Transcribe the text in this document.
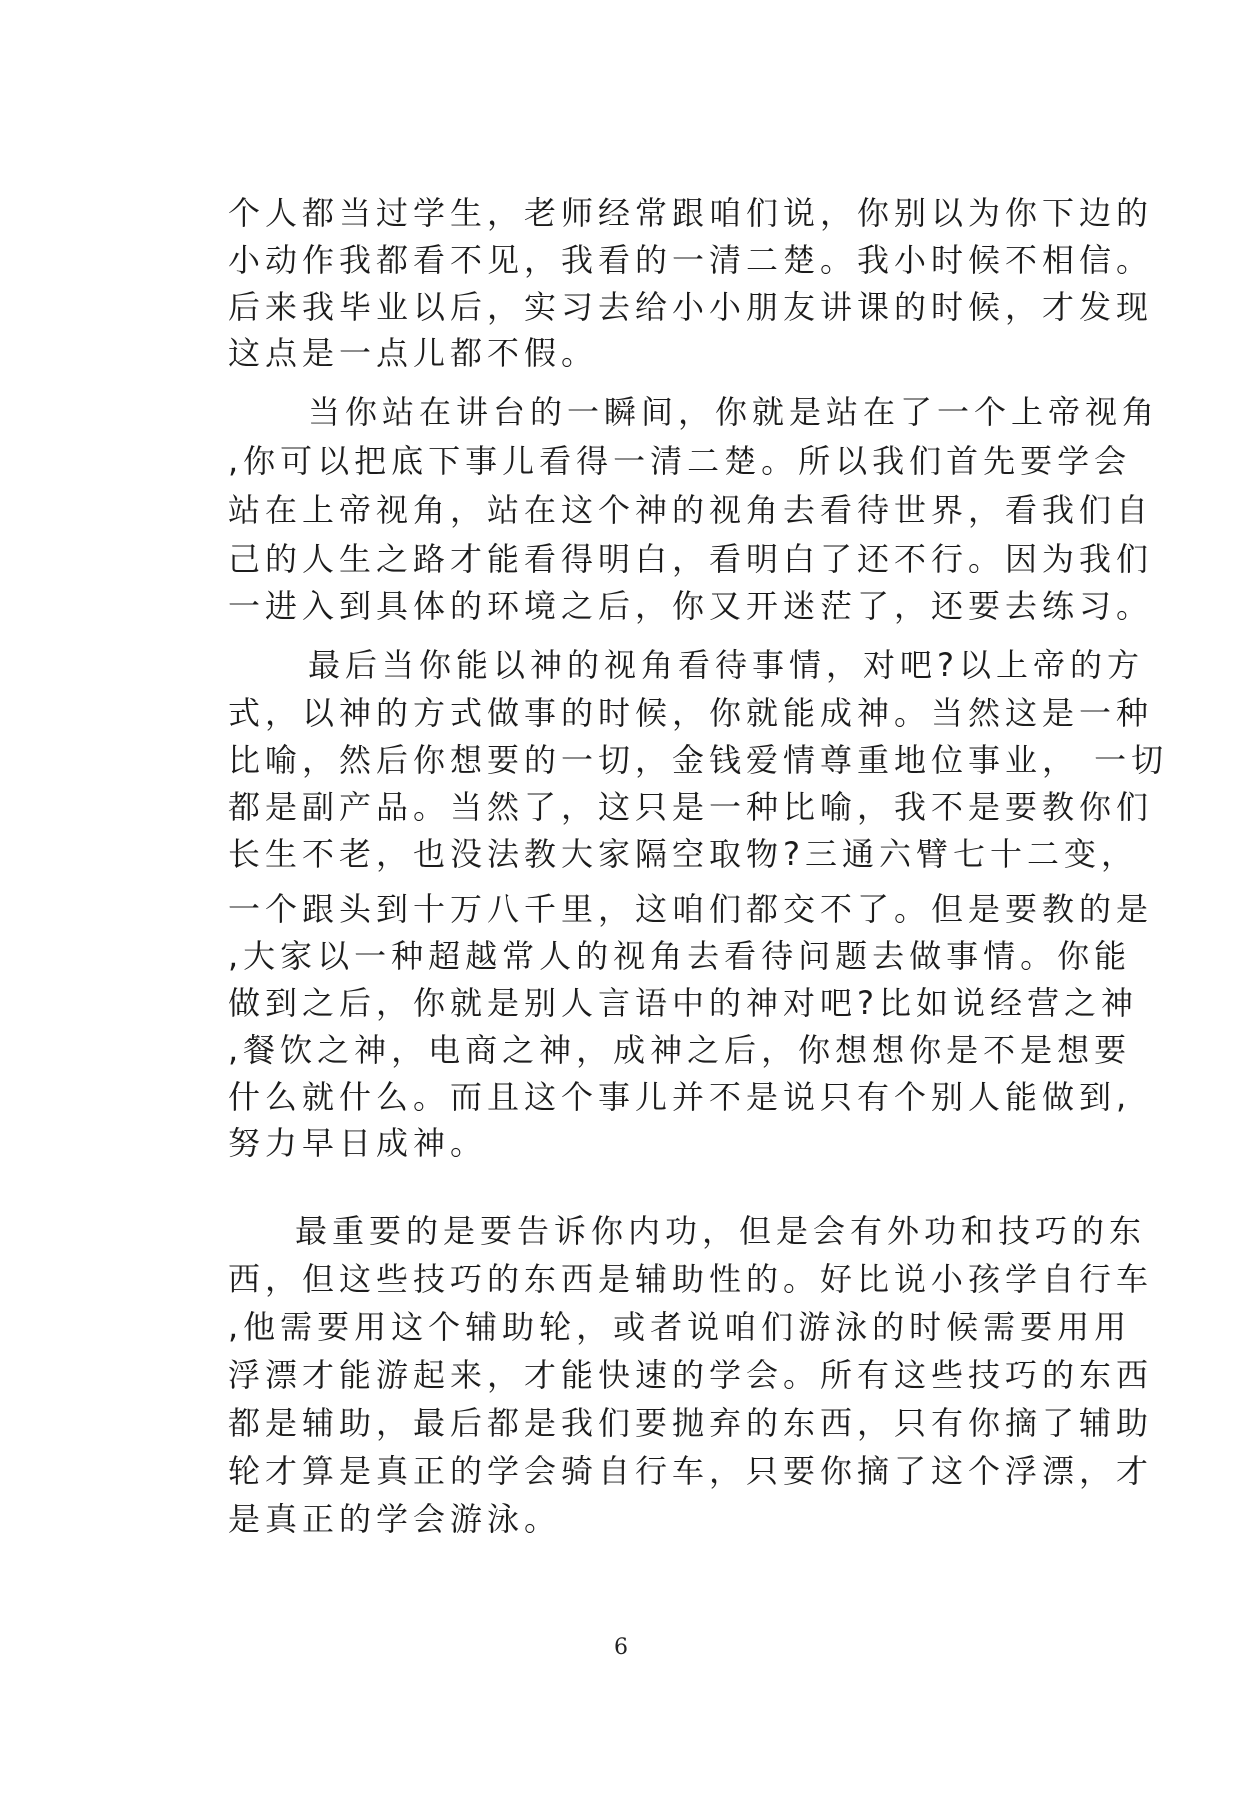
个人都当过学生，老师经常跟咱们说，你别以为你下边的
小动作我都看不见，我看的一清二楚。我小时候不相信。
后来我毕业以后，实习去给小小朋友讲课的时候，才发现
这点是一点儿都不假。
当你站在讲台的一瞬间，你就是站在了一个上帝视角
,你可以把底下事儿看得一清二楚。所以我们首先要学会
站在上帝视角，站在这个神的视角去看待世界，看我们自
己的人生之路才能看得明白，看明白了还不行。因为我们
一进入到具体的环境之后，你又开迷茫了，还要去练习。
最后当你能以神的视角看待事情，对吧?以上帝的方
式，以神的方式做事的时候，你就能成神。当然这是一种
比喻，然后你想要的一切，金钱爱情尊重地位事业， 一切
都是副产品。当然了，这只是一种比喻，我不是要教你们
长生不老，也没法教大家隔空取物?三通六臂七十二变，
一个跟头到十万八千里，这咱们都交不了。但是要教的是
,大家以一种超越常人的视角去看待问题去做事情。你能
做到之后，你就是别人言语中的神对吧?比如说经营之神
,餐饮之神，电商之神，成神之后，你想想你是不是想要
什么就什么。而且这个事儿并不是说只有个别人能做到,
努力早日成神。
最重要的是要告诉你内功，但是会有外功和技巧的东
西，但这些技巧的东西是辅助性的。好比说小孩学自行车
,他需要用这个辅助轮，或者说咱们游泳的时候需要用用
浮漂才能游起来，才能快速的学会。所有这些技巧的东西
都是辅助，最后都是我们要抛弃的东西，只有你摘了辅助
轮才算是真正的学会骑自行车，只要你摘了这个浮漂，才
是真正的学会游泳。
6
